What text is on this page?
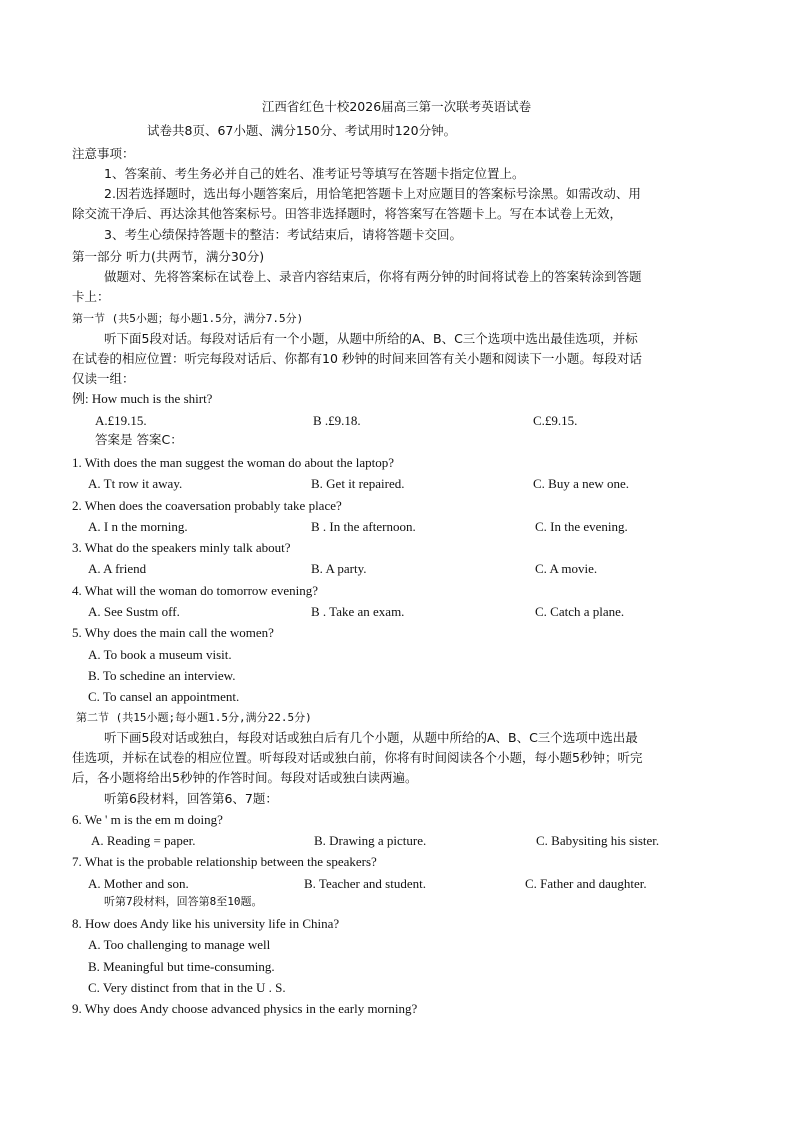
江西省红色十校2026届高三第一次联考英语试卷
试卷共8页、67小题、满分150分、考试用时120分钟。
注意事项：
1、答案前、考生务必并自己的姓名、准考证号等填写在答题卡指定位置上。
2.因若选择题时，选出每小题答案后，用恰笔把答题卡上对应题目的答案标号涂黑。如需改动、用
除交流干净后、再达涂其他答案标号。田答非选择题时，将答案写在答题卡上。写在本试卷上无效，
3、考生心绩保持答题卡的整洁：考试结束后，请将答题卡交回。
第一部分 听力(共两节，满分30分)
做题对、先将答案标在试卷上、录音内容结束后，你将有两分钟的时间将试卷上的答案转涂到答题
卡上：
第一节 (共5小题；每小题1.5分，满分7.5分)
听下面5段对话。每段对话后有一个小题，从题中所给的A、B、C三个选项中选出最佳选项，并标
在试卷的相应位置：听完每段对话后、你都有10 秒钟的时间来回答有关小题和阅读下一小题。每段对话
仅读一组：
例: How much is the shirt?
A.£19.15.	B .£9.18.	C.£9.15.
答案是 答案C：
1. With does the man suggest the woman do about the laptop?
A. Tt row it away.	B. Get it repaired.	C. Buy a new one.
2. When does the coaversation probably take place?
A. I n the morning.	B . In the afternoon.	C. In the evening.
3. What do the speakers minly talk about?
A. A friend	B. A party.	C. A movie.
4. What will the woman do tomorrow evening?
A. See Sustm off.	B . Take an exam.	C. Catch a plane.
5. Why does the main call the women?
A. To book a museum visit.
B. To schedine an interview.
C. To cansel an appointment.
第二节 (共15小题;每小题1.5分,满分22.5分)
听下画5段对话或独白，每段对话或独白后有几个小题，从题中所给的A、B、C三个选项中选出最
佳选项，并标在试卷的相应位置。听每段对话或独白前，你将有时间阅读各个小题，每小题5秒钟；听完
后，各小题将给出5秒钟的作答时间。每段对话或独白读两遍。
听第6段材料，回答第6、7题：
6. We ' m is the em m doing?
A. Reading = paper.	B. Drawing a picture.	C. Babysiting his sister.
7. What is the probable relationship between the speakers?
A. Mother and son.	B. Teacher and student.	C. Father and daughter.
听第7段材料，回答第8至10题。
8. How does Andy like his university life in China?
A. Too challenging to manage well
B. Meaningful but time-consuming.
C. Very distinct from that in the U . S.
9. Why does Andy choose advanced physics in the early morning?
